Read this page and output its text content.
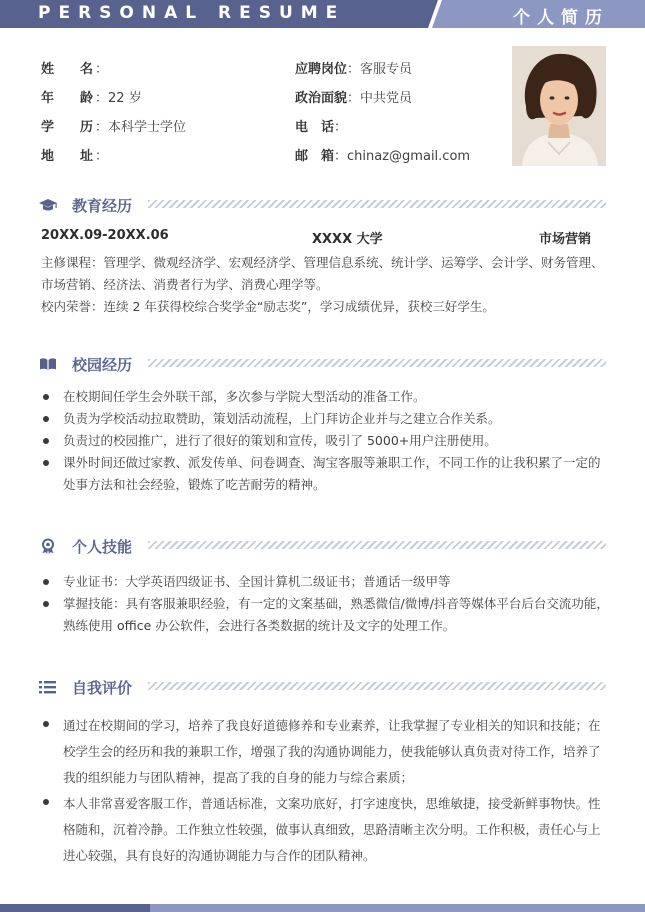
PERSONAL RESUME	个人简历
姓 名 ：
年 龄 ：22 岁
学 历 ：本科学士学位
地 址 ：
应聘岗位：客服专员
政治面貌：中共党员
电　话：
邮　箱：chinaz@gmail.com
教育经历
20XX.09-20XX.06	XXXX 大学	市场营销
主修课程：管理学、微观经济学、宏观经济学、管理信息系统、统计学、运筹学、会计学、财务管理、市场营销、经济法、消费者行为学、消费心理学等。
校内荣誉：连续 2 年获得校综合奖学金“励志奖”，学习成绩优异，获校三好学生。
校园经历
在校期间任学生会外联干部，多次参与学院大型活动的准备工作。
负责为学校活动拉取赞助，策划活动流程，上门拜访企业并与之建立合作关系。
负责过的校园推广，进行了很好的策划和宣传，吸引了 5000+用户注册使用。
课外时间还做过家教、派发传单、问卷调查、淘宝客服等兼职工作，不同工作的让我积累了一定的处事方法和社会经验，锻炼了吃苦耐劳的精神。
个人技能
专业证书：大学英语四级证书、全国计算机二级证书；普通话一级甲等
掌握技能：具有客服兼职经验，有一定的文案基础，熟悉微信/微博/抖音等媒体平台后台交流功能，熟练使用 office 办公软件，会进行各类数据的统计及文字的处理工作。
自我评价
通过在校期间的学习，培养了我良好道德修养和专业素养，让我掌握了专业相关的知识和技能；在校学生会的经历和我的兼职工作，增强了我的沟通协调能力，使我能够认真负责对待工作，培养了我的组织能力与团队精神，提高了我的自身的能力与综合素质；
本人非常喜爱客服工作，普通话标准，文案功底好，打字速度快，思维敏捷，接受新鲜事物快。性格随和，沉着冷静。工作独立性较强，做事认真细致，思路清晰主次分明。工作积极，责任心与上进心较强，具有良好的沟通协调能力与合作的团队精神。
